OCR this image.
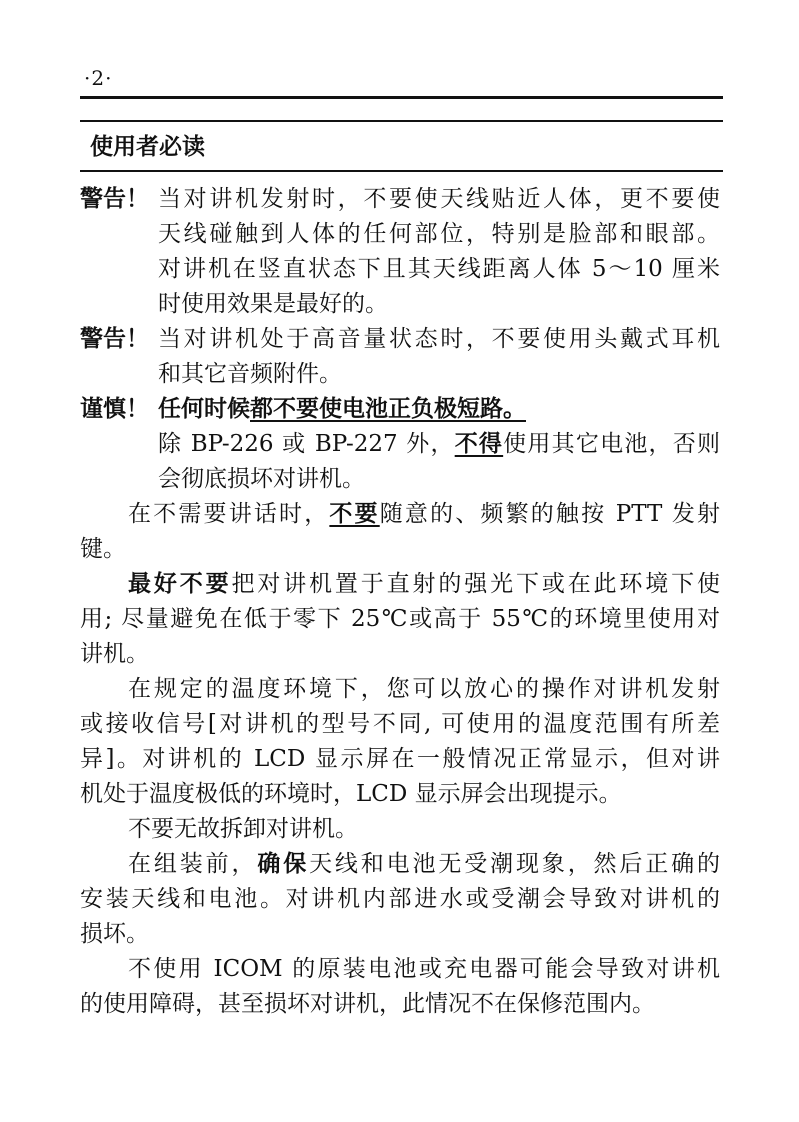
·2·
使用者必读
警告！ 当对讲机发射时，不要使天线贴近人体，更不要使
天线碰触到人体的任何部位，特别是脸部和眼部。
对讲机在竖直状态下且其天线距离人体 5～10 厘米
时使用效果是最好的。
警告！ 当对讲机处于高音量状态时，不要使用头戴式耳机
和其它音频附件。
谨慎！ 任何时候都不要使电池正负极短路。
除 BP-226 或 BP-227 外，不得使用其它电池，否则
会彻底损坏对讲机。
在不需要讲话时，不要随意的、频繁的触按 PTT 发射
键。
最好不要把对讲机置于直射的强光下或在此环境下使
用; 尽量避免在低于零下 25℃或高于 55℃的环境里使用对
讲机。
在规定的温度环境下，您可以放心的操作对讲机发射
或接收信号[对讲机的型号不同, 可使用的温度范围有所差
异]。对讲机的 LCD 显示屏在一般情况正常显示，但对讲
机处于温度极低的环境时，LCD 显示屏会出现提示。
不要无故拆卸对讲机。
在组装前，确保天线和电池无受潮现象，然后正确的
安装天线和电池。对讲机内部进水或受潮会导致对讲机的
损坏。
不使用 ICOM 的原装电池或充电器可能会导致对讲机
的使用障碍，甚至损坏对讲机，此情况不在保修范围内。
